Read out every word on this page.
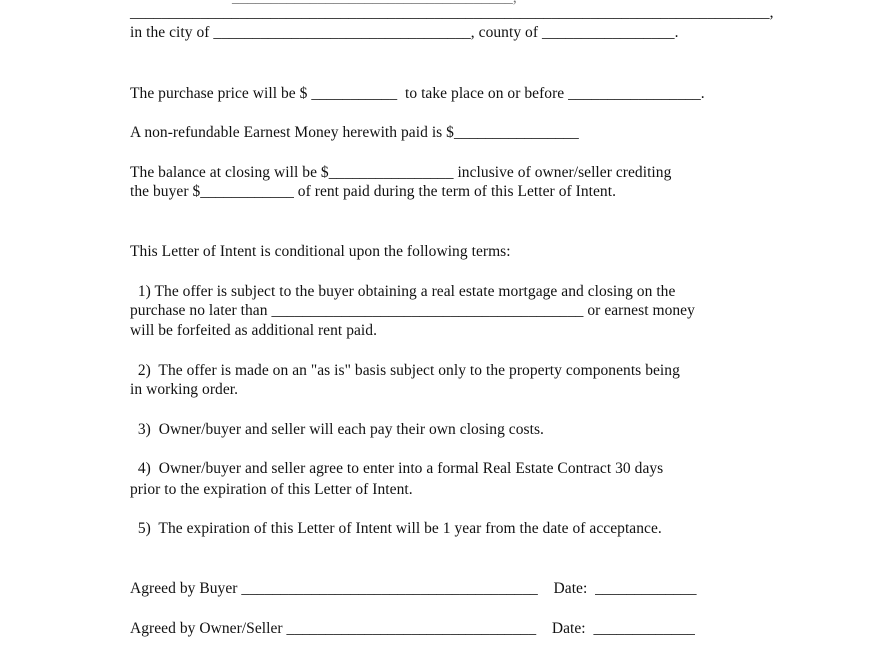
__________________________________________________________________________________,
in the city of _________________________________, county of _________________.
The purchase price will be $ ___________  to take place on or before _________________.
A non-refundable Earnest Money herewith paid is $________________
The balance at closing will be $________________ inclusive of owner/seller crediting
the buyer $____________ of rent paid during the term of this Letter of Intent.
This Letter of Intent is conditional upon the following terms:
1) The offer is subject to the buyer obtaining a real estate mortgage and closing on the
purchase no later than ________________________________________ or earnest money
will be forfeited as additional rent paid.
2)  The offer is made on an "as is" basis subject only to the property components being
in working order.
3)  Owner/buyer and seller will each pay their own closing costs.
4)  Owner/buyer and seller agree to enter into a formal Real Estate Contract 30 days
prior to the expiration of this Letter of Intent.
5)  The expiration of this Letter of Intent will be 1 year from the date of acceptance.
Agreed by Buyer ______________________________________    Date:  _____________
Agreed by Owner/Seller ________________________________    Date:  _____________
